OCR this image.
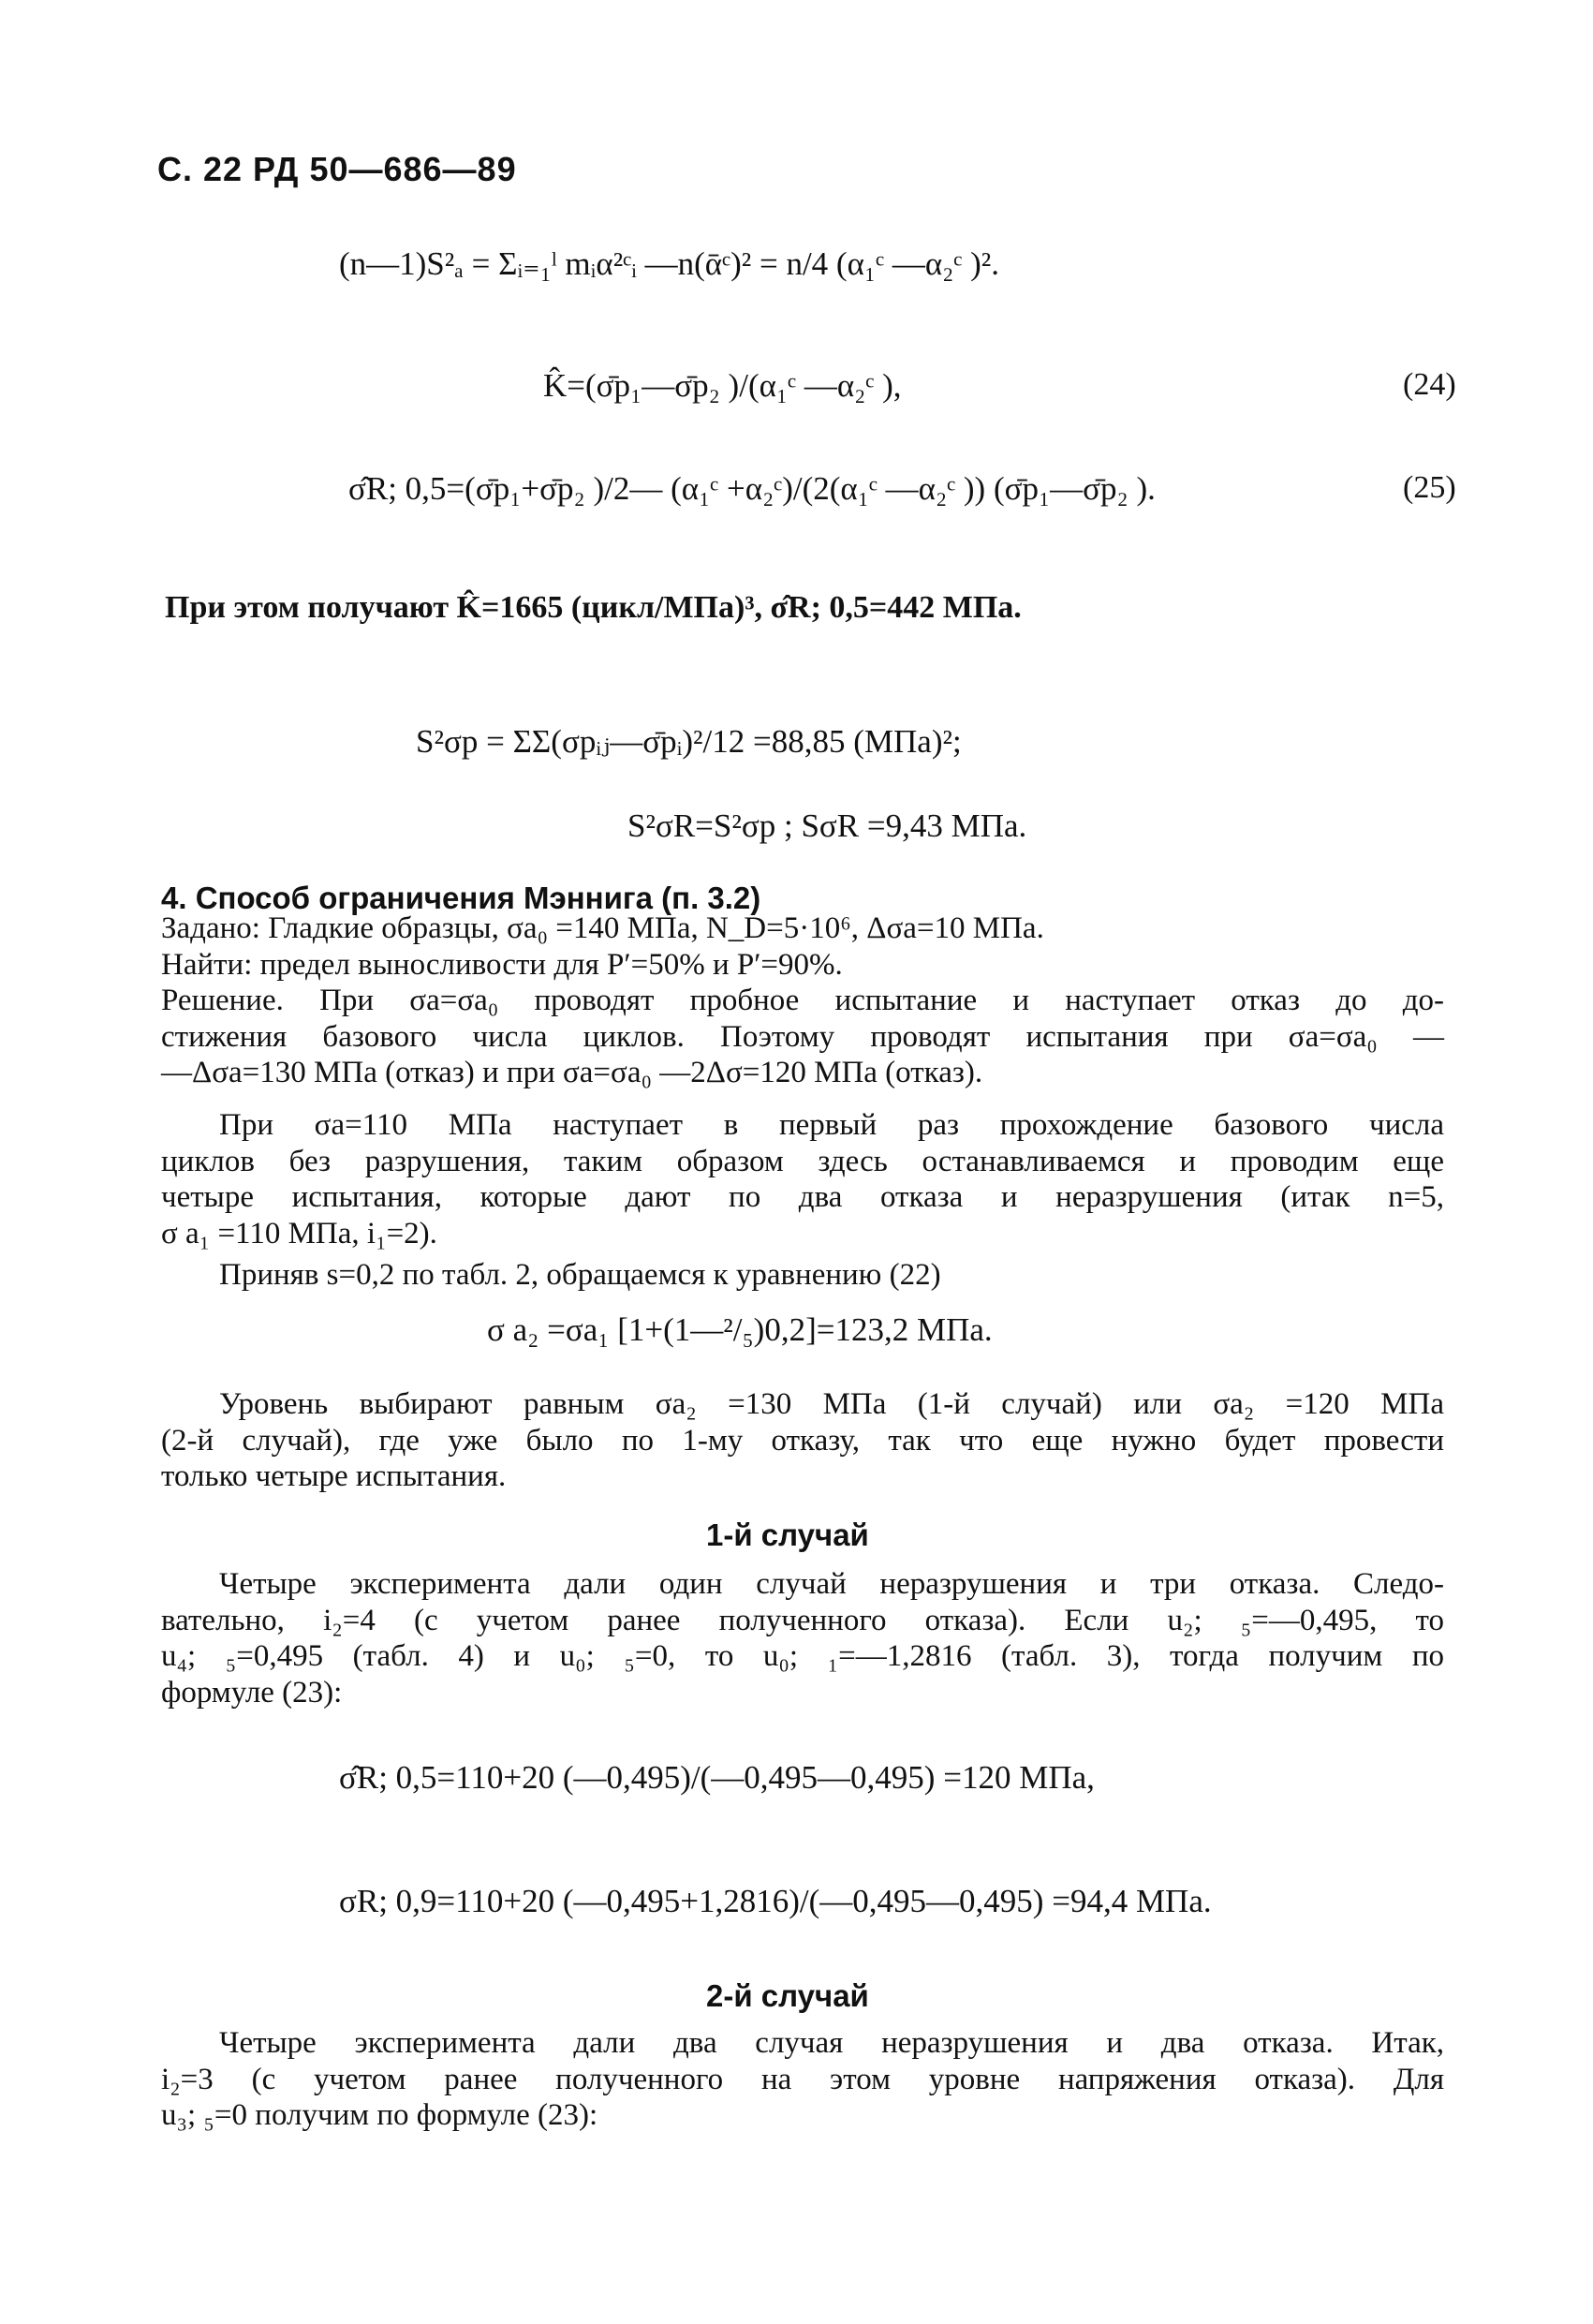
С. 22 РД 50—686—89
(n—1)S²ₐ = Σᵢ₌₁ˡ mᵢα²ᶜᵢ —n(ᾱᶜ)² = n/4 (α₁ᶜ —α₂ᶜ )².
K̂=(σ̄p₁—σ̄p₂ )/(α₁ᶜ —α₂ᶜ ),	(24)
σ̂R; 0,5=(σ̄p₁+σ̄p₂ )/2— (α₁ᶜ +α₂ᶜ)/(2(α₁ᶜ —α₂ᶜ )) (σ̄p₁—σ̄p₂ ).	(25)
При этом получают K̂=1665 (цикл/МПа)³, σ̂R; 0,5=442 МПа.
S²σp = ΣΣ(σpᵢⱼ—σ̄pᵢ)²/12 =88,85 (МПа)²;
S²σR=S²σp ; SσR =9,43 МПа.
4. Способ ограничения Мэннига (п. 3.2)
Задано: Гладкие образцы, σa₀ =140 МПа, N_D=5·10⁶, Δσa=10 МПа.
Найти: предел выносливости для P′=50% и P′=90%.
Решение. При σa=σa₀ проводят пробное испытание и наступает отказ до до-
стижения базового числа циклов. Поэтому проводят испытания при σa=σa₀ —
—Δσa=130 МПа (отказ) и при σa=σa₀ —2Δσ=120 МПа (отказ).
При σa=110 МПа наступает в первый раз прохождение базового числа
циклов без разрушения, таким образом здесь останавливаемся и проводим еще
четыре испытания, которые дают по два отказа и неразрушения (итак n=5,
σ a₁ =110 МПа, i₁=2).
Приняв s=0,2 по табл. 2, обращаемся к уравнению (22)
σ a₂ =σa₁ [1+(1—²/₅)0,2]=123,2 МПа.
Уровень выбирают равным σa₂ =130 МПа (1-й случай) или σa₂ =120 МПа
(2-й случай), где уже было по 1-му отказу, так что еще нужно будет провести
только четыре испытания.
1-й случай
Четыре эксперимента дали один случай неразрушения и три отказа. Следо-
вательно, i₂=4 (с учетом ранее полученного отказа). Если u₂; ₅=—0,495, то
u₄; ₅=0,495 (табл. 4) и u₀; ₅=0, то u₀; ₁=—1,2816 (табл. 3), тогда получим по
формуле (23):
σ̂R; 0,5=110+20 (—0,495)/(—0,495—0,495) =120 МПа,
σR; 0,9=110+20 (—0,495+1,2816)/(—0,495—0,495) =94,4 МПа.
2-й случай
Четыре эксперимента дали два случая неразрушения и два отказа. Итак,
i₂=3 (с учетом ранее полученного на этом уровне напряжения отказа). Для
u₃; ₅=0 получим по формуле (23):
